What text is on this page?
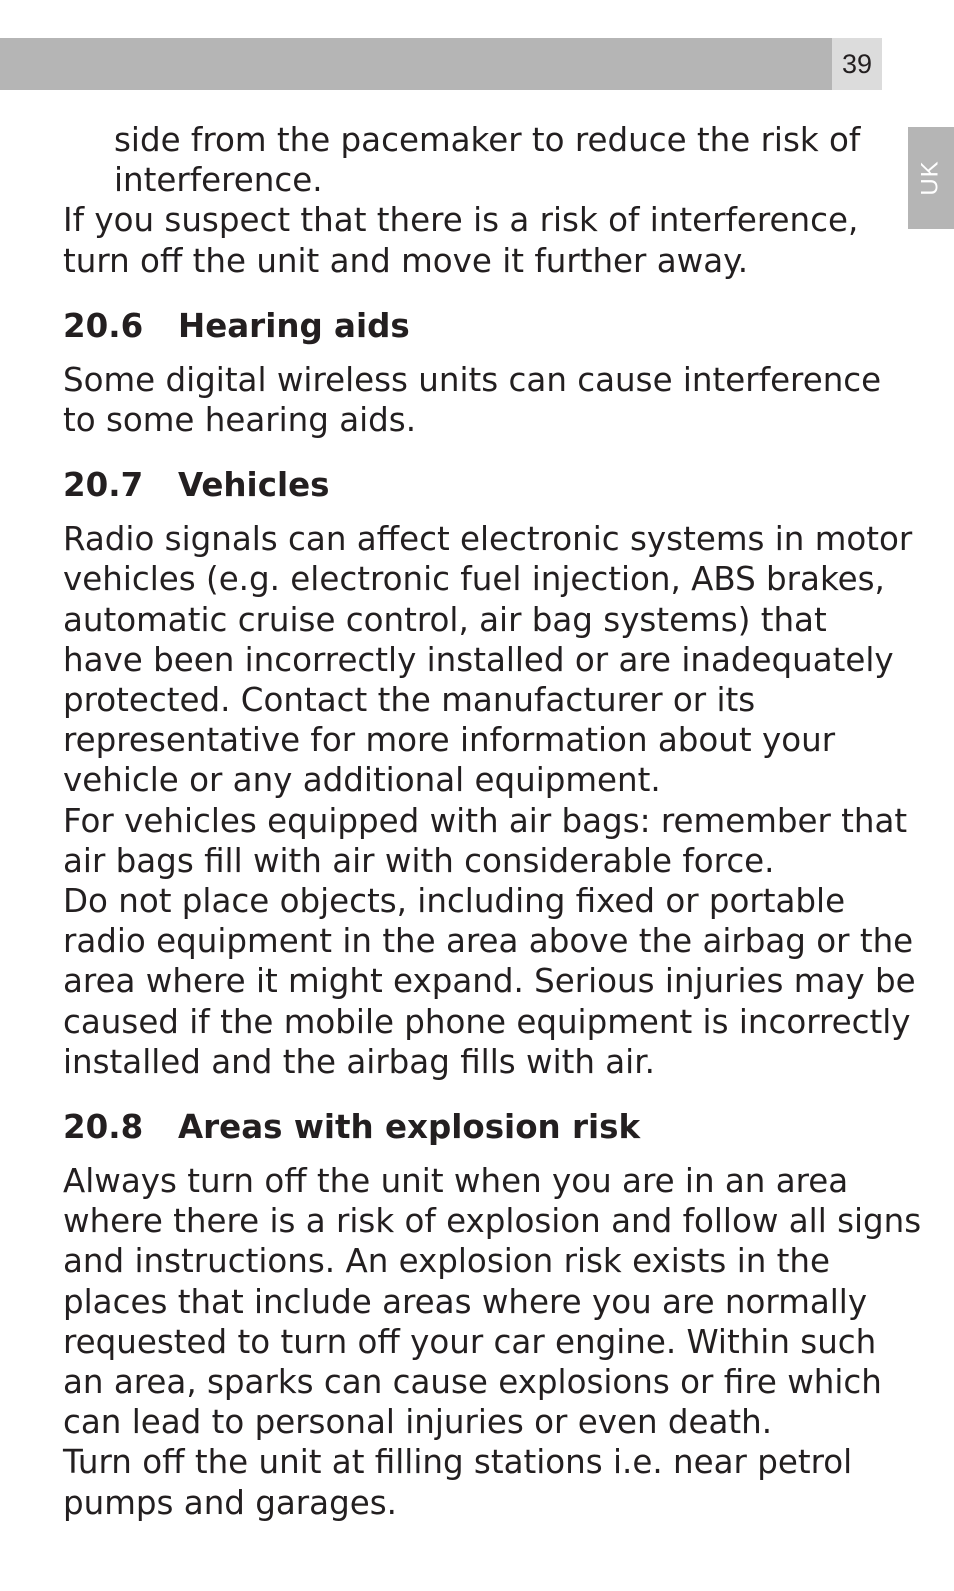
39
UK

side from the pacemaker to reduce the risk of

interference.

If you suspect that there is a risk of interference,

turn off the unit and move it further away.

20.6 Hearing aids

Some digital wireless units can cause interference

to some hearing aids.

20.7 Vehicles

Radio signals can affect electronic systems in motor

vehicles (e.g. electronic fuel injection, ABS brakes,

automatic cruise control, air bag systems) that

have been incorrectly installed or are inadequately

protected. Contact the manufacturer or its

representative for more information about your

vehicle or any additional equipment.

For vehicles equipped with air bags: remember that

air bags fill with air with considerable force.

Do not place objects, including fixed or portable

radio equipment in the area above the airbag or the

area where it might expand. Serious injuries may be

caused if the mobile phone equipment is incorrectly

installed and the airbag fills with air.

20.8 Areas with explosion risk

Always turn off the unit when you are in an area

where there is a risk of explosion and follow all signs

and instructions. An explosion risk exists in the

places that include areas where you are normally

requested to turn off your car engine. Within such

an area, sparks can cause explosions or fire which

can lead to personal injuries or even death.

Turn off the unit at filling stations i.e. near petrol

pumps and garages.
